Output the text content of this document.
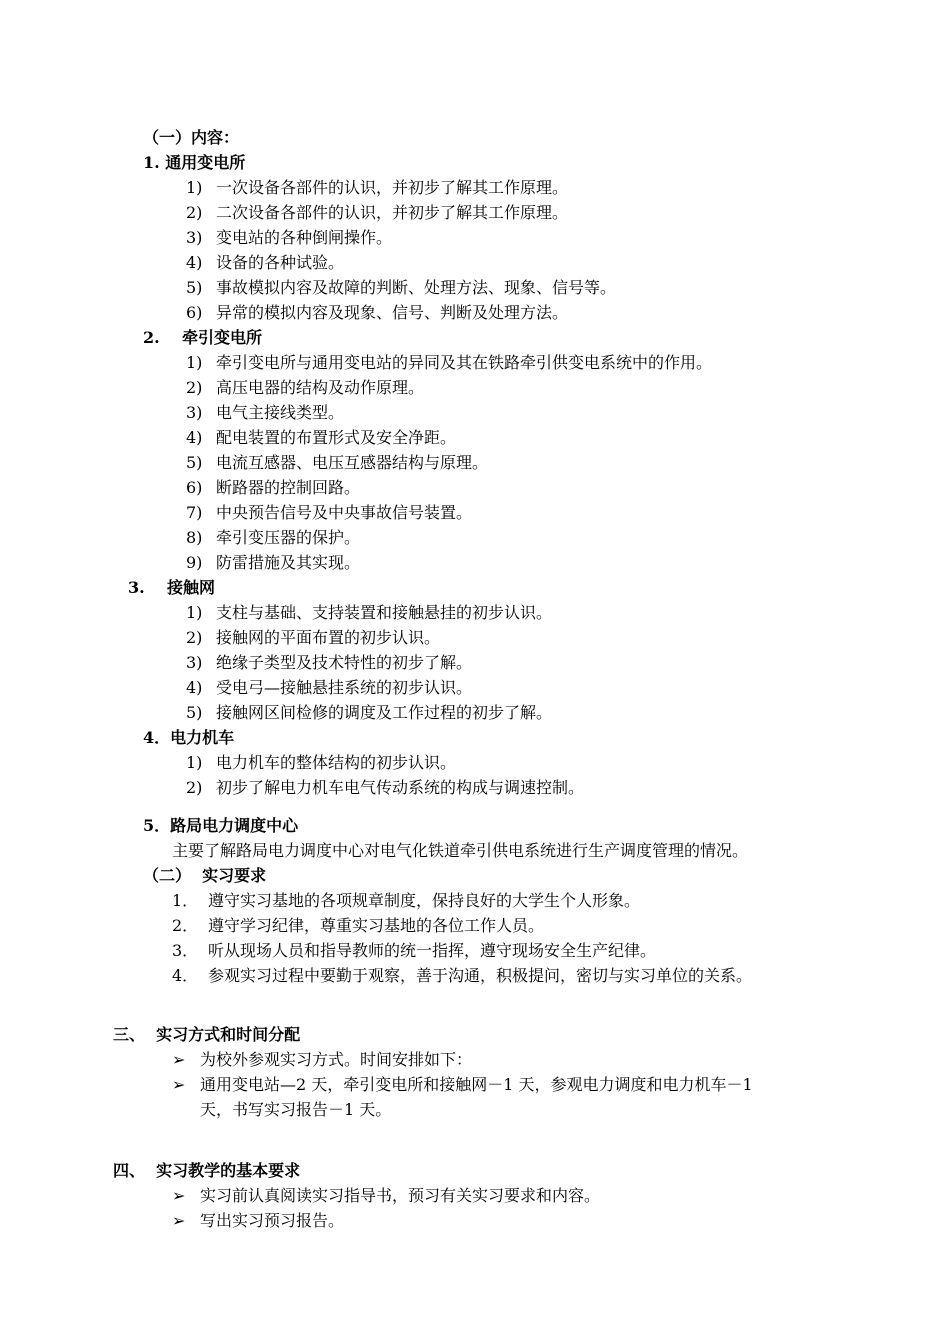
（一）内容：
1. 通用变电所
1) 一次设备各部件的认识，并初步了解其工作原理。
2) 二次设备各部件的认识，并初步了解其工作原理。
3) 变电站的各种倒闸操作。
4) 设备的各种试验。
5) 事故模拟内容及故障的判断、处理方法、现象、信号等。
6) 异常的模拟内容及现象、信号、判断及处理方法。
2.    牵引变电所
1) 牵引变电所与通用变电站的异同及其在铁路牵引供变电系统中的作用。
2) 高压电器的结构及动作原理。
3) 电气主接线类型。
4) 配电装置的布置形式及安全净距。
5) 电流互感器、电压互感器结构与原理。
6) 断路器的控制回路。
7) 中央预告信号及中央事故信号装置。
8) 牵引变压器的保护。
9) 防雷措施及其实现。
3.    接触网
1) 支柱与基础、支持装置和接触悬挂的初步认识。
2) 接触网的平面布置的初步认识。
3) 绝缘子类型及技术特性的初步了解。
4) 受电弓—接触悬挂系统的初步认识。
5) 接触网区间检修的调度及工作过程的初步了解。
4．电力机车
1) 电力机车的整体结构的初步认识。
2) 初步了解电力机车电气传动系统的构成与调速控制。
5．路局电力调度中心
主要了解路局电力调度中心对电气化铁道牵引供电系统进行生产调度管理的情况。
（二）  实习要求
1． 遵守实习基地的各项规章制度，保持良好的大学生个人形象。
2． 遵守学习纪律，尊重实习基地的各位工作人员。
3． 听从现场人员和指导教师的统一指挥，遵守现场安全生产纪律。
4． 参观实习过程中要勤于观察，善于沟通，积极提问，密切与实习单位的关系。
三、  实习方式和时间分配
➢ 为校外参观实习方式。时间安排如下：
➢ 通用变电站—2 天，牵引变电所和接触网－1 天，参观电力调度和电力机车－1
天，书写实习报告－1 天。
四、  实习教学的基本要求
➢ 实习前认真阅读实习指导书，预习有关实习要求和内容。
➢ 写出实习预习报告。
